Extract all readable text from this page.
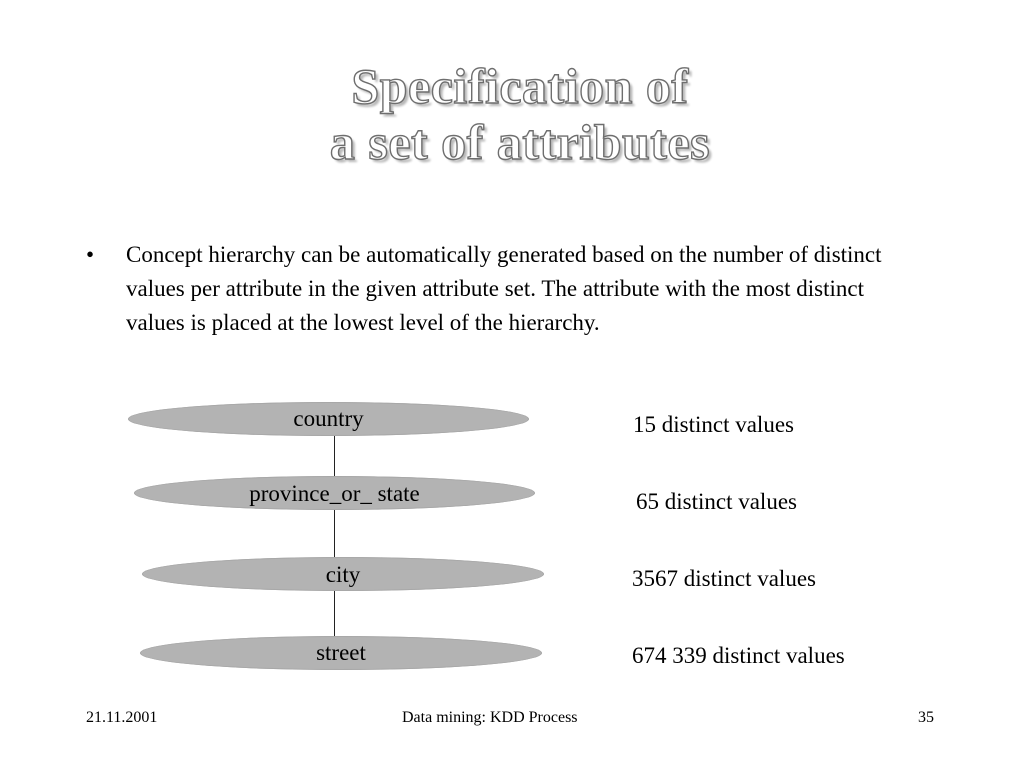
Specification of
a set of attributes
•	Concept hierarchy can be automatically generated based on the number of distinct values per attribute in the given attribute set. The attribute with the most distinct values is placed at the lowest level of the hierarchy.
country
province_or_ state
city
street
15 distinct values
65 distinct values
3567 distinct values
674 339 distinct values
21.11.2001	Data mining: KDD Process	35
